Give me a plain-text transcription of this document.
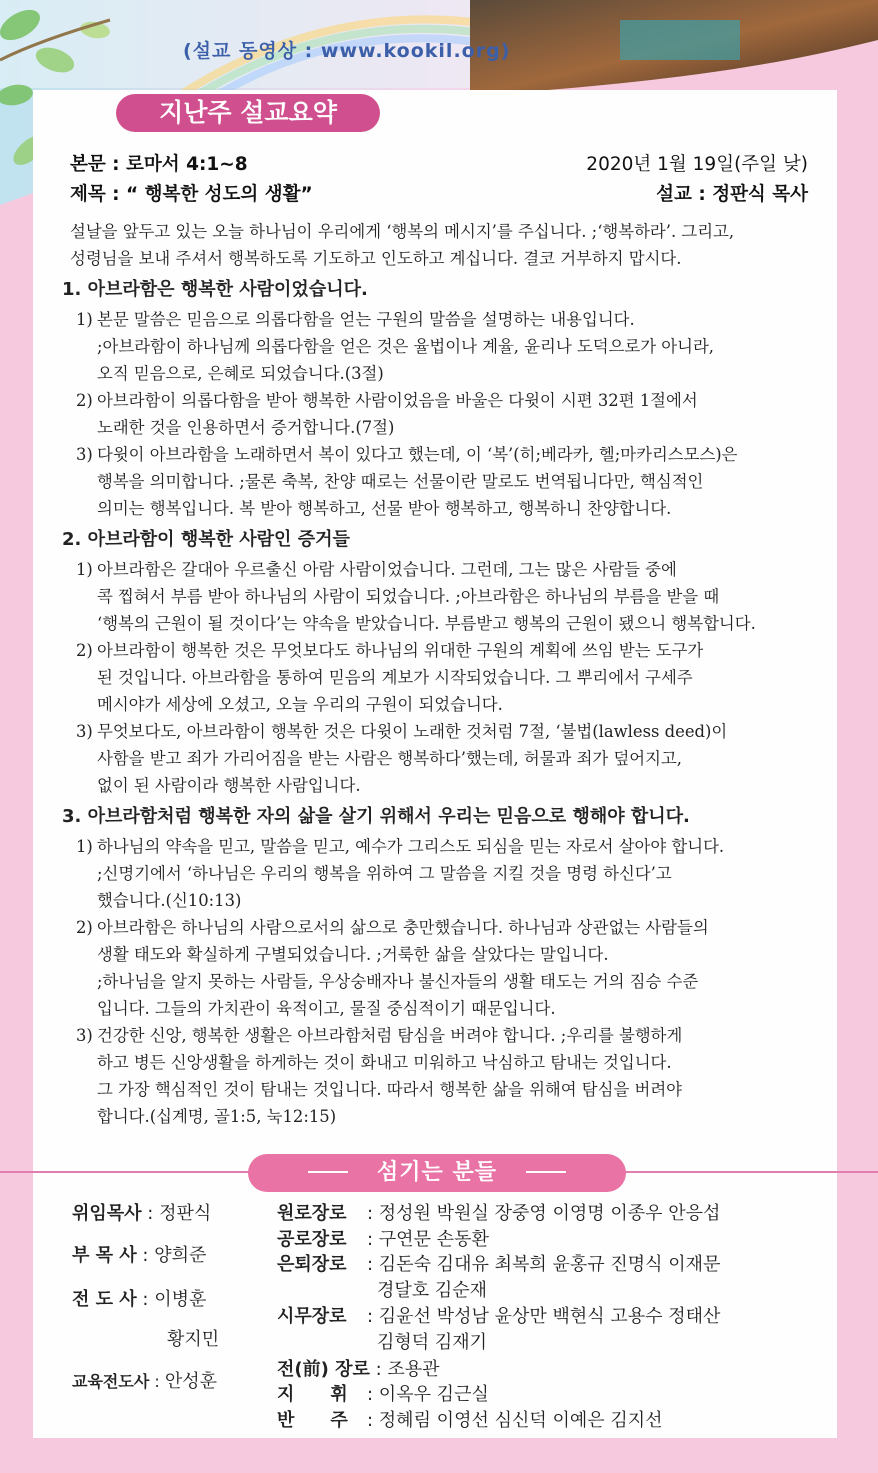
(설교 동영상 : www.kookil.org)
지난주 설교요약
본문 : 로마서 4:1∼8	2020년 1월 19일(주일 낮)
제목 : “ 행복한 성도의 생활”	설교 : 정판식 목사

설날을 앞두고 있는 오늘 하나님이 우리에게 ‘행복의 메시지’를 주십니다. ;‘행복하라’. 그리고,

성령님을 보내 주셔서 행복하도록 기도하고 인도하고 계십니다. 결코 거부하지 맙시다.

1. 아브라함은 행복한 사람이었습니다.
1) 본문 말씀은 믿음으로 의롭다함을 얻는 구원의 말씀을 설명하는 내용입니다.

;아브라함이 하나님께 의롭다함을 얻은 것은 율법이나 계율, 윤리나 도덕으로가 아니라,

오직 믿음으로, 은혜로 되었습니다.(3절)

2) 아브라함이 의롭다함을 받아 행복한 사람이었음을 바울은 다윗이 시편 32편 1절에서

노래한 것을 인용하면서 증거합니다.(7절)

3) 다윗이 아브라함을 노래하면서 복이 있다고 했는데, 이 ‘복’(히;베라카, 헬;마카리스모스)은

행복을 의미합니다. ;물론 축복, 찬양 때로는 선물이란 말로도 번역됩니다만, 핵심적인

의미는 행복입니다. 복 받아 행복하고, 선물 받아 행복하고, 행복하니 찬양합니다.

2. 아브라함이 행복한 사람인 증거들
1) 아브라함은 갈대아 우르출신 아람 사람이었습니다. 그런데, 그는 많은 사람들 중에

콕 찝혀서 부름 받아 하나님의 사람이 되었습니다. ;아브라함은 하나님의 부름을 받을 때

‘행복의 근원이 될 것이다’는 약속을 받았습니다. 부름받고 행복의 근원이 됐으니 행복합니다.

2) 아브라함이 행복한 것은 무엇보다도 하나님의 위대한 구원의 계획에 쓰임 받는 도구가

된 것입니다. 아브라함을 통하여 믿음의 계보가 시작되었습니다. 그 뿌리에서 구세주

메시야가 세상에 오셨고, 오늘 우리의 구원이 되었습니다.

3) 무엇보다도, 아브라함이 행복한 것은 다윗이 노래한 것처럼 7절, ‘불법(lawless deed)이

사함을 받고 죄가 가리어짐을 받는 사람은 행복하다’했는데, 허물과 죄가 덮어지고,

없이 된 사람이라 행복한 사람입니다.

3. 아브라함처럼 행복한 자의 삶을 살기 위해서 우리는 믿음으로 행해야 합니다.
1) 하나님의 약속을 믿고, 말씀을 믿고, 예수가 그리스도 되심을 믿는 자로서 살아야 합니다.

;신명기에서 ‘하나님은 우리의 행복을 위하여 그 말씀을 지킬 것을 명령 하신다’고

했습니다.(신10:13)

2) 아브라함은 하나님의 사람으로서의 삶으로 충만했습니다. 하나님과 상관없는 사람들의

생활 태도와 확실하게 구별되었습니다. ;거룩한 삶을 살았다는 말입니다.

;하나님을 알지 못하는 사람들, 우상숭배자나 불신자들의 생활 태도는 거의 짐승 수준

입니다. 그들의 가치관이 육적이고, 물질 중심적이기 때문입니다.

3) 건강한 신앙, 행복한 생활은 아브라함처럼 탐심을 버려야 합니다. ;우리를 불행하게

하고 병든 신앙생활을 하게하는 것이 화내고 미워하고 낙심하고 탐내는 것입니다.

그 가장 핵심적인 것이 탐내는 것입니다. 따라서 행복한 삶을 위해여 탐심을 버려야

합니다.(십계명, 골1:5, 눅12:15)

섬기는 분들
위임목사 : 정판식
부 목 사 : 양희준
전 도 사 : 이병훈
황지민
교육전도사 : 안성훈
원로장로 : 정성원 박원실 장중영 이영명 이종우 안응섭
공로장로 : 구연문 손동환
은퇴장로 : 김돈숙 김대유 최복희 윤홍규 진명식 이재문
경달호 김순재
시무장로 : 김윤선 박성남 윤상만 백현식 고용수 정태산
김형덕 김재기
전(前) 장로 : 조용관
지　　휘 : 이옥우 김근실
반　　주 : 정혜림 이영선 심신덕 이예은 김지선
